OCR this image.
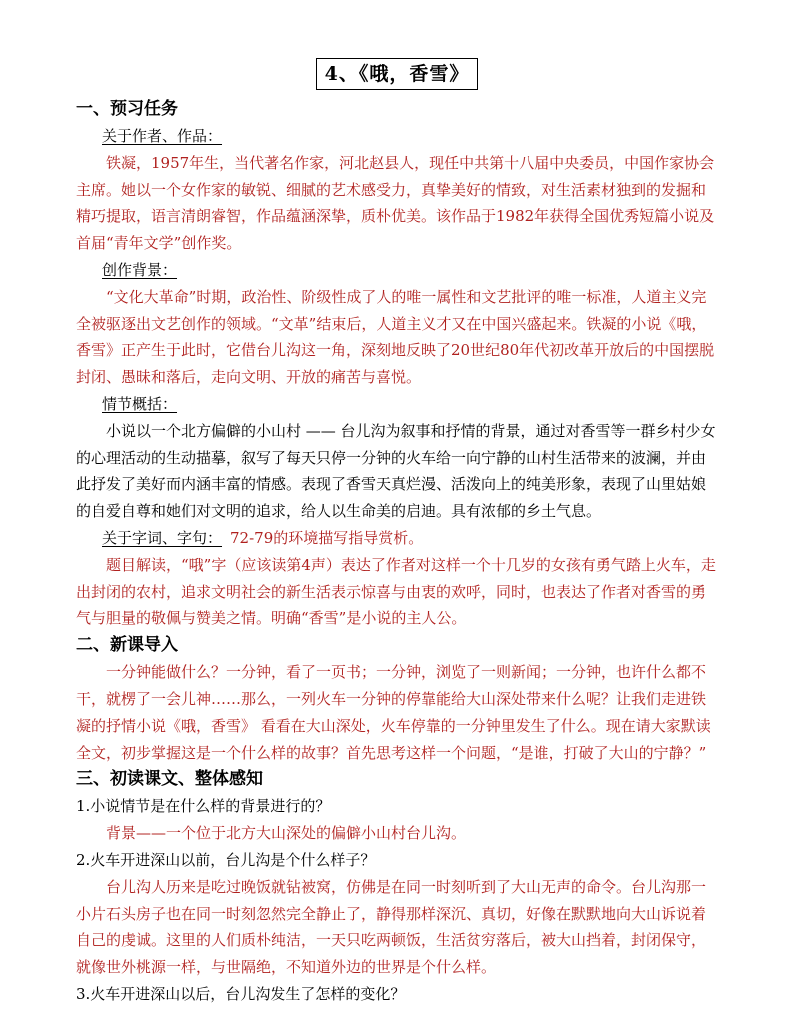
4、《哦，香雪》
一、预习任务

关于作者、作品：

铁凝，1957年生，当代著名作家，河北赵县人，现任中共第十八届中央委员，中国作家协会主席。她以一个女作家的敏锐、细腻的艺术感受力，真挚美好的情致，对生活素材独到的发掘和精巧提取，语言清朗睿智，作品蕴涵深挚，质朴优美。该作品于1982年获得全国优秀短篇小说及首届“青年文学”创作奖。

创作背景：

“文化大革命”时期，政治性、阶级性成了人的唯一属性和文艺批评的唯一标准，人道主义完全被驱逐出文艺创作的领域。“文革”结束后，人道主义才又在中国兴盛起来。铁凝的小说《哦，香雪》正产生于此时，它借台儿沟这一角，深刻地反映了20世纪80年代初改革开放后的中国摆脱封闭、愚昧和落后，走向文明、开放的痛苦与喜悦。

情节概括：

小说以一个北方偏僻的小山村 —— 台儿沟为叙事和抒情的背景，通过对香雪等一群乡村少女的心理活动的生动描摹，叙写了每天只停一分钟的火车给一向宁静的山村生活带来的波澜，并由此抒发了美好而内涵丰富的情感。表现了香雪天真烂漫、活泼向上的纯美形象，表现了山里姑娘的自爱自尊和她们对文明的追求，给人以生命美的启迪。具有浓郁的乡土气息。

关于字词、字句： 72-79的环境描写指导赏析。

题目解读，“哦”字（应该读第4声）表达了作者对这样一个十几岁的女孩有勇气踏上火车，走出封闭的农村，追求文明社会的新生活表示惊喜与由衷的欢呼，同时，也表达了作者对香雪的勇气与胆量的敬佩与赞美之情。明确“香雪”是小说的主人公。

二、新课导入

一分钟能做什么？一分钟，看了一页书；一分钟，浏览了一则新闻；一分钟，也许什么都不干，就楞了一会儿神……那么，一列火车一分钟的停靠能给大山深处带来什么呢？让我们走进铁凝的抒情小说《哦，香雪》 看看在大山深处，火车停靠的一分钟里发生了什么。现在请大家默读全文，初步掌握这是一个什么样的故事？首先思考这样一个问题，“是谁，打破了大山的宁静？”

三、初读课文、整体感知

1.小说情节是在什么样的背景进行的？

背景——一个位于北方大山深处的偏僻小山村台儿沟。

2.火车开进深山以前，台儿沟是个什么样子？

台儿沟人历来是吃过晚饭就钻被窝，仿佛是在同一时刻听到了大山无声的命令。台儿沟那一小片石头房子也在同一时刻忽然完全静止了，静得那样深沉、真切，好像在默默地向大山诉说着自己的虔诚。这里的人们质朴纯洁，一天只吃两顿饭，生活贫穷落后，被大山挡着，封闭保守，就像世外桃源一样，与世隔绝，不知道外边的世界是个什么样。

3.火车开进深山以后，台儿沟发生了怎样的变化？
